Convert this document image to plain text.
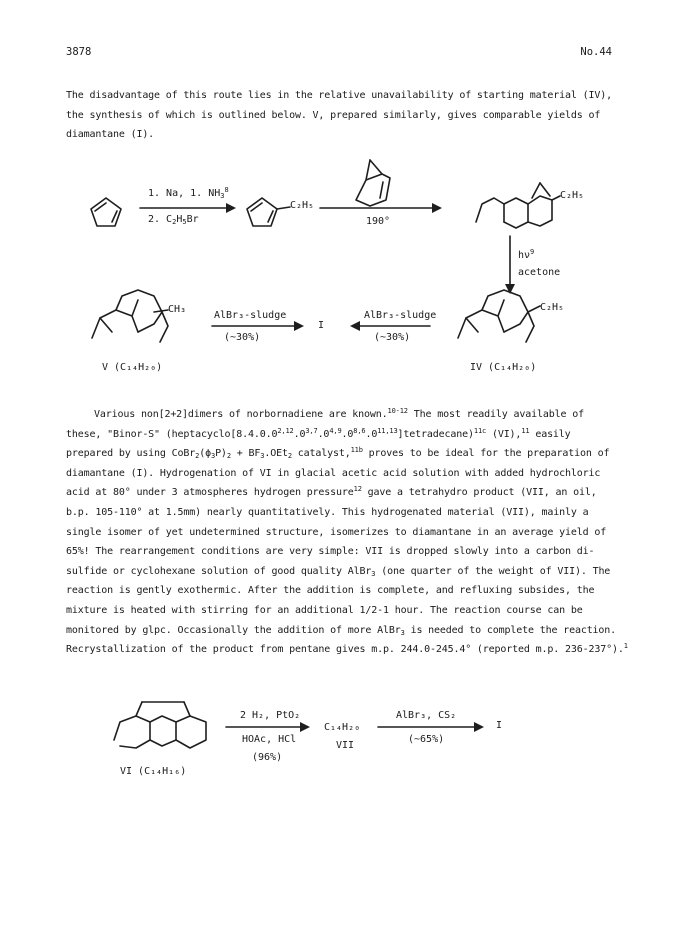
3878	No.44
The disadvantage of this route lies in the relative unavailability of starting material (IV),
the synthesis of which is outlined below. V, prepared similarly, gives comparable yields of
diamantane (I).
1. Na, 1. $NH_3^8$
2. $C_2H_5Br$
C₂H₅
190°
C₂H₅
$h\nu^9$
acetone
C₂H₅
CH₃
AlBr₃-sludge
(~30%)
I
AlBr₃-sludge
(~30%)
V (C₁₄H₂₀)	IV (C₁₄H₂₀)
Various non[2+2]dimers of norbornadiene are known.$^{10-12}$ The most readily available of
these, "Binor-S" (heptacyclo[8.4.0.0$^{2,12}$.0$^{3,7}$.0$^{4,9}$.0$^{8,6}$.0$^{11,13}$]tetradecane)$^{11c}$ (VI),$^{11}$ easily
prepared by using $CoBr_2(\phi_3P)_2 + BF_3.OEt_2$ catalyst,$^{11b}$ proves to be ideal for the preparation of
diamantane (I). Hydrogenation of VI in glacial acetic acid solution with added hydrochloric
acid at 80° under 3 atmospheres hydrogen pressure$^{12}$ gave a tetrahydro product (VII, an oil,
b.p. 105-110° at 1.5mm) nearly quantitatively. This hydrogenated material (VII), mainly a
single isomer of yet undetermined structure, isomerizes to diamantane in an average yield of
65%! The rearrangement conditions are very simple: VII is dropped slowly into a carbon di-
sulfide or cyclohexane solution of good quality AlBr$_3$ (one quarter of the weight of VII). The
reaction is gently exothermic. After the addition is complete, and refluxing subsides, the
mixture is heated with stirring for an additional 1/2-1 hour. The reaction course can be
monitored by glpc. Occasionally the addition of more AlBr$_3$ is needed to complete the reaction.
Recrystallization of the product from pentane gives m.p. 244.0-245.4° (reported m.p. 236-237°).$^1$
2 H₂, PtO₂
HOAc, HCl
(96%)
C₁₄H₂₀
VII
AlBr₃, CS₂
(~65%)
I
VI (C₁₄H₁₆)
